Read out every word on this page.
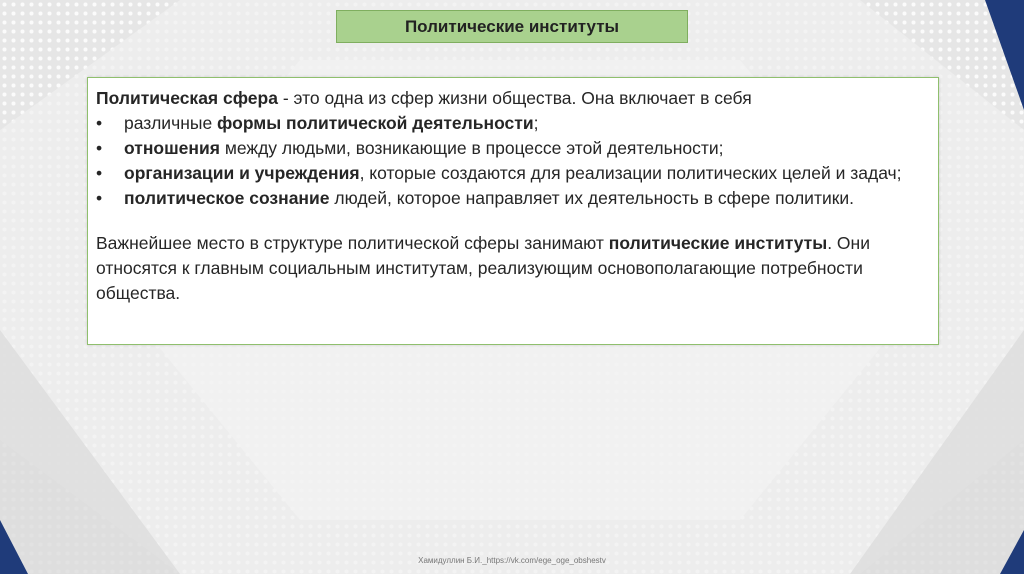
Политические институты

Политическая сфера - это одна из сфер жизни общества. Она включает в себя

• различные формы политической деятельности;
• отношения между людьми, возникающие в процессе этой деятельности;
• организации и учреждения, которые создаются для реализации политических целей и задач;
• политическое сознание людей, которое направляет их деятельность в сфере политики.

Важнейшее место в структуре политической сферы занимают политические институты. Они относятся к главным социальным институтам, реализующим основополагающие потребности общества.

Хамидуллин Б.И._https://vk.com/ege_oge_obshestv
